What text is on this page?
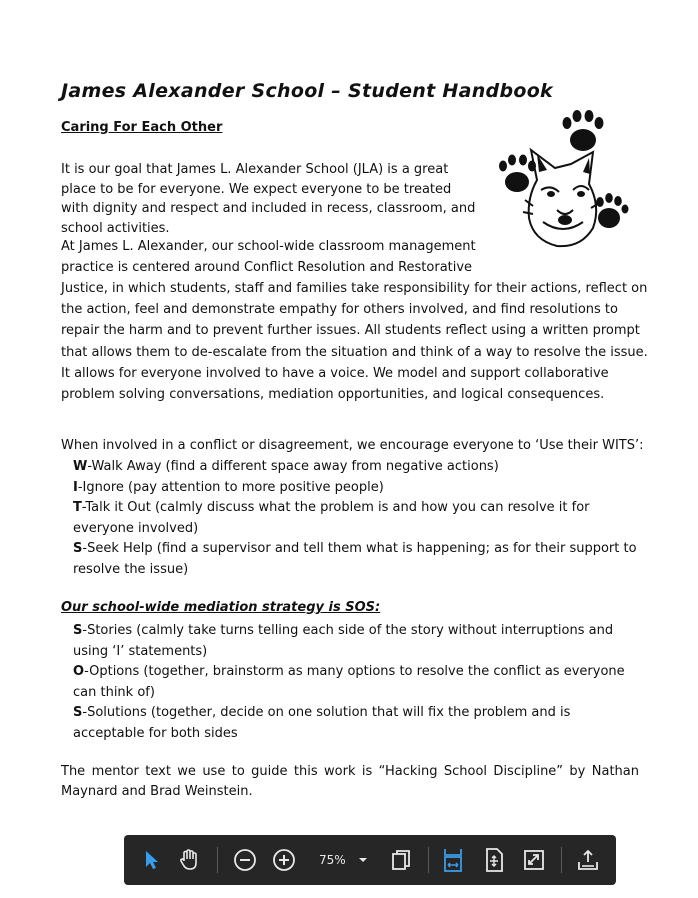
James Alexander School – Student Handbook
Caring For Each Other

It is our goal that James L. Alexander School (JLA) is a great place to be for everyone. We expect everyone to be treated with dignity and respect and included in recess, classroom, and school activities.

At James L. Alexander, our school-wide classroom management practice is centered around Conflict Resolution and Restorative

Justice, in which students, staff and families take responsibility for their actions, reflect on the action, feel and demonstrate empathy for others involved, and find resolutions to repair the harm and to prevent further issues. All students reflect using a written prompt that allows them to de-escalate from the situation and think of a way to resolve the issue. It allows for everyone involved to have a voice. We model and support collaborative problem solving conversations, mediation opportunities, and logical consequences.

When involved in a conflict or disagreement, we encourage everyone to ‘Use their WITS’:

W-Walk Away (find a different space away from negative actions)
I-Ignore (pay attention to more positive people)
T-Talk it Out (calmly discuss what the problem is and how you can resolve it for everyone involved)
S-Seek Help (find a supervisor and tell them what is happening; as for their support to resolve the issue)
Our school-wide mediation strategy is SOS:
S-Stories (calmly take turns telling each side of the story without interruptions and using ‘I’ statements)
O-Options (together, brainstorm as many options to resolve the conflict as everyone can think of)
S-Solutions (together, decide on one solution that will fix the problem and is acceptable for both sides

The mentor text we use to guide this work is “Hacking School Discipline” by Nathan Maynard and Brad Weinstein.

75%
